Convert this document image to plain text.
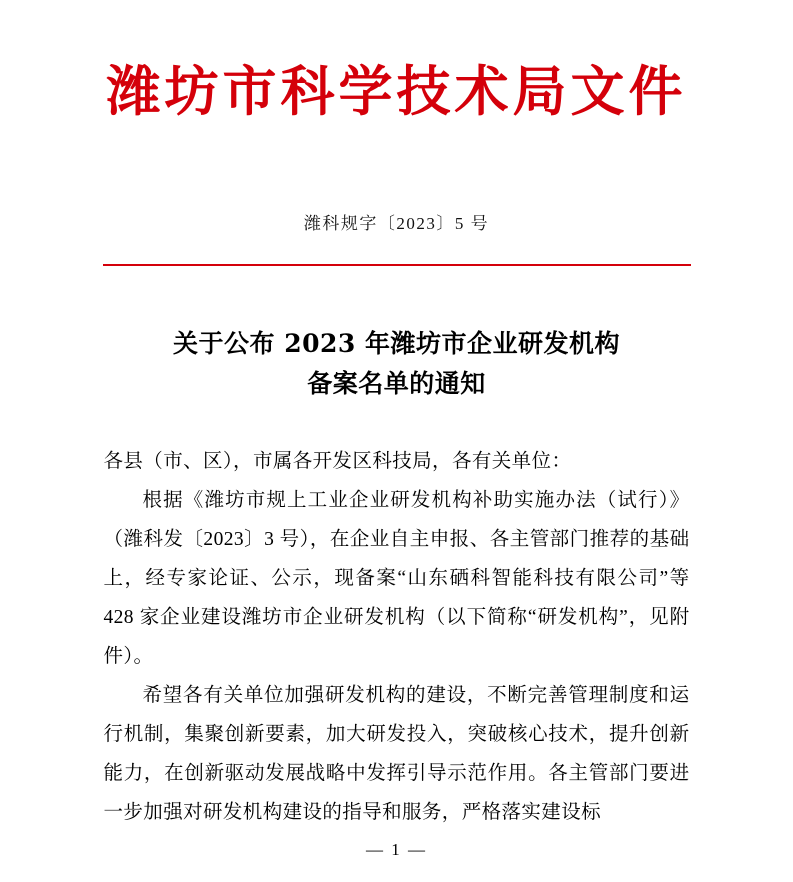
潍坊市科学技术局文件
潍科规字〔2023〕5 号
关于公布 2023 年潍坊市企业研发机构
备案名单的通知

各县（市、区），市属各开发区科技局，各有关单位：

根据《潍坊市规上工业企业研发机构补助实施办法（试行）》（潍科发〔2023〕3 号），在企业自主申报、各主管部门推荐的基础上，经专家论证、公示，现备案“山东硒科智能科技有限公司”等 428 家企业建设潍坊市企业研发机构（以下简称“研发机构”，见附件）。

希望各有关单位加强研发机构的建设，不断完善管理制度和运行机制，集聚创新要素，加大研发投入，突破核心技术，提升创新能力，在创新驱动发展战略中发挥引导示范作用。各主管部门要进一步加强对研发机构建设的指导和服务，严格落实建设标

— 1 —
